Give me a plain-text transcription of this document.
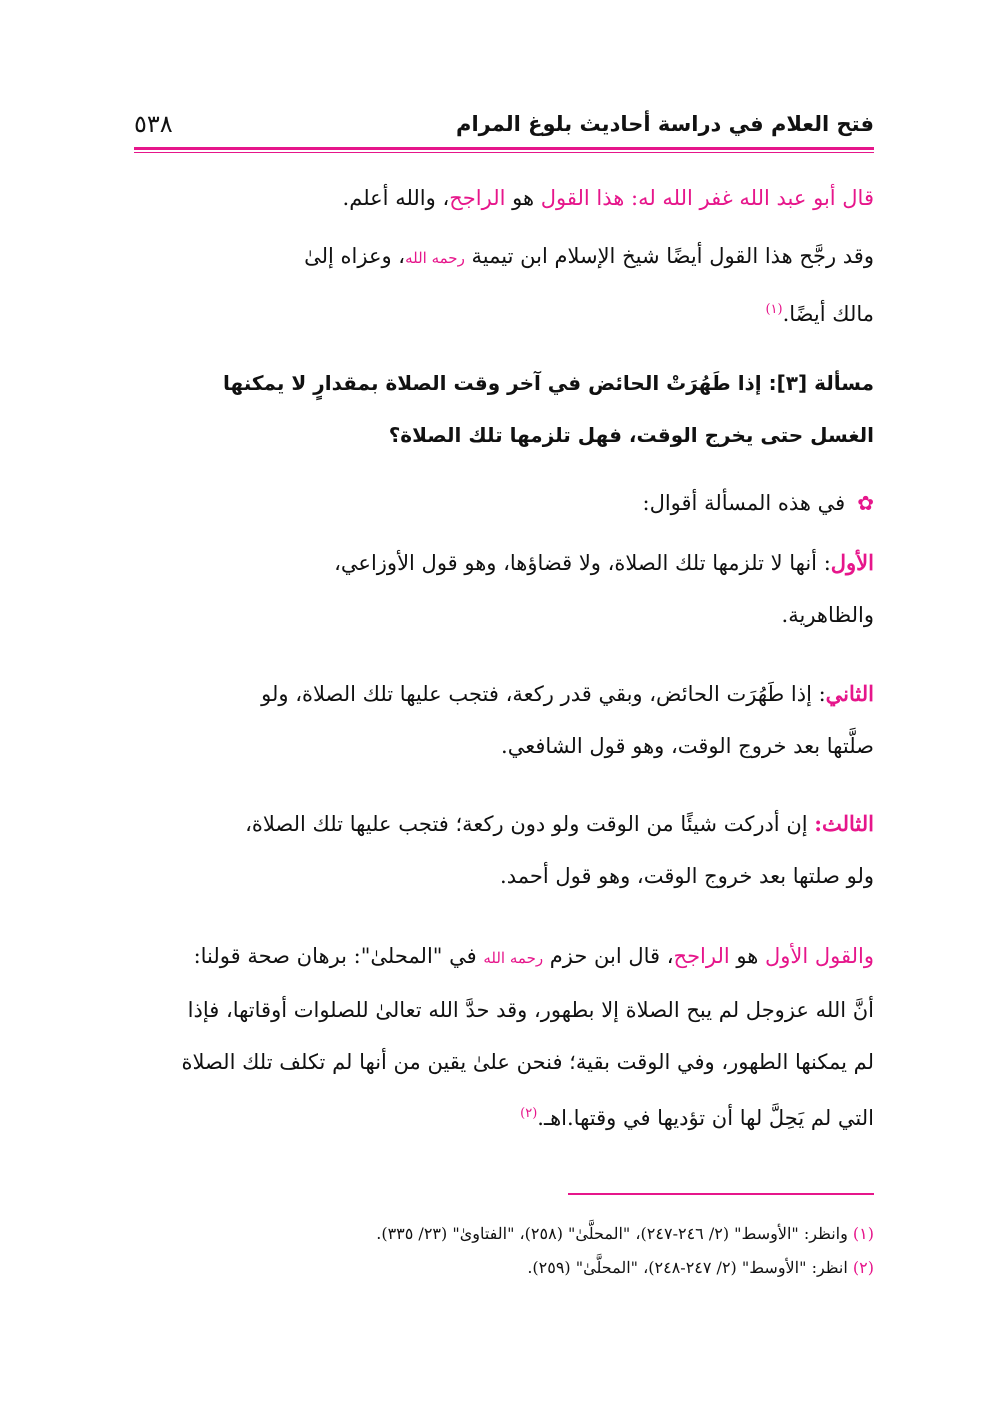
فتح العلام في دراسة أحاديث بلوغ المرام
٥٣٨
قال أبو عبد الله غفر الله له: هذا القول هو الراجح، والله أعلم.
وقد رجَّح هذا القول أيضًا شيخ الإسلام ابن تيمية رحمه الله، وعزاه إلىٰ
مالك أيضًا.$^{(١)}$
مسألة [٣]: إذا طَهُرَتْ الحائض في آخر وقت الصلاة بمقدارٍ لا يمكنها
الغسل حتى يخرج الوقت، فهل تلزمها تلك الصلاة؟
✿في هذه المسألة أقوال:
الأول: أنها لا تلزمها تلك الصلاة، ولا قضاؤها، وهو قول الأوزاعي،
والظاهرية.
الثاني: إذا طَهُرَت الحائض، وبقي قدر ركعة، فتجب عليها تلك الصلاة، ولو
صلَّتها بعد خروج الوقت، وهو قول الشافعي.
الثالث: إن أدركت شيئًا من الوقت ولو دون ركعة؛ فتجب عليها تلك الصلاة،
ولو صلتها بعد خروج الوقت، وهو قول أحمد.
والقول الأول هو الراجح، قال ابن حزم رحمه الله في "المحلىٰ": برهان صحة قولنا:
أنَّ الله عزوجل لم يبح الصلاة إلا بطهور، وقد حدَّ الله تعالىٰ للصلوات أوقاتها، فإذا
لم يمكنها الطهور، وفي الوقت بقية؛ فنحن علىٰ يقين من أنها لم تكلف تلك الصلاة
التي لم يَحِلَّ لها أن تؤديها في وقتها.اهـ.$^{(٢)}$
(١) وانظر: "الأوسط" (٢/ ٢٤٦-٢٤٧)، "المحلَّىٰ" (٢٥٨)، "الفتاوىٰ" (٢٣/ ٣٣٥).
(٢) انظر: "الأوسط" (٢/ ٢٤٧-٢٤٨)، "المحلَّىٰ" (٢٥٩).
